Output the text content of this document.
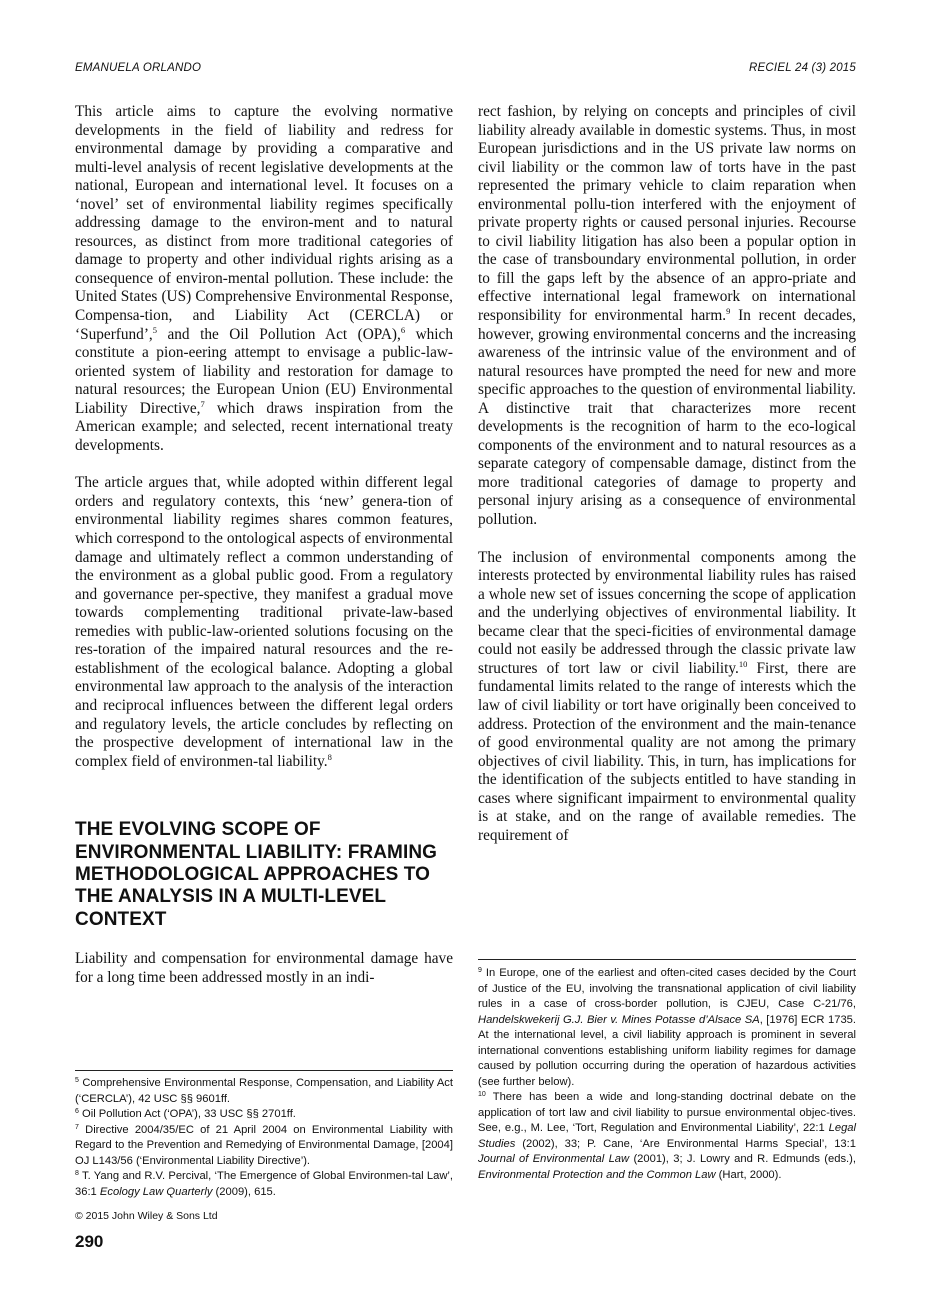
EMANUELA ORLANDO	RECIEL 24 (3) 2015

This article aims to capture the evolving normative developments in the field of liability and redress for environmental damage by providing a comparative and multi-level analysis of recent legislative developments at the national, European and international level. It focuses on a ‘novel’ set of environmental liability regimes specifically addressing damage to the environ-ment and to natural resources, as distinct from more traditional categories of damage to property and other individual rights arising as a consequence of environ-mental pollution. These include: the United States (US) Comprehensive Environmental Response, Compensa-tion, and Liability Act (CERCLA) or ‘Superfund’,$^5$ and the Oil Pollution Act (OPA),$^6$ which constitute a pion-eering attempt to envisage a public-law-oriented system of liability and restoration for damage to natural resources; the European Union (EU) Environmental Liability Directive,$^7$ which draws inspiration from the American example; and selected, recent international treaty developments.

The article argues that, while adopted within different legal orders and regulatory contexts, this ‘new’ genera-tion of environmental liability regimes shares common features, which correspond to the ontological aspects of environmental damage and ultimately reflect a common understanding of the environment as a global public good. From a regulatory and governance per-spective, they manifest a gradual move towards complementing traditional private-law-based remedies with public-law-oriented solutions focusing on the res-toration of the impaired natural resources and the re-establishment of the ecological balance. Adopting a global environmental law approach to the analysis of the interaction and reciprocal influences between the different legal orders and regulatory levels, the article concludes by reflecting on the prospective development of international law in the complex field of environmen-tal liability.$^8$

THE EVOLVING SCOPE OF ENVIRONMENTAL LIABILITY: FRAMING METHODOLOGICAL APPROACHES TO THE ANALYSIS IN A MULTI-LEVEL CONTEXT

Liability and compensation for environmental damage have for a long time been addressed mostly in an indi-

rect fashion, by relying on concepts and principles of civil liability already available in domestic systems. Thus, in most European jurisdictions and in the US private law norms on civil liability or the common law of torts have in the past represented the primary vehicle to claim reparation when environmental pollu-tion interfered with the enjoyment of private property rights or caused personal injuries. Recourse to civil liability litigation has also been a popular option in the case of transboundary environmental pollution, in order to fill the gaps left by the absence of an appro-priate and effective international legal framework on international responsibility for environmental harm.$^9$ In recent decades, however, growing environmental concerns and the increasing awareness of the intrinsic value of the environment and of natural resources have prompted the need for new and more specific approaches to the question of environmental liability. A distinctive trait that characterizes more recent developments is the recognition of harm to the eco-logical components of the environment and to natural resources as a separate category of compensable damage, distinct from the more traditional categories of damage to property and personal injury arising as a consequence of environmental pollution.

The inclusion of environmental components among the interests protected by environmental liability rules has raised a whole new set of issues concerning the scope of application and the underlying objectives of environmental liability. It became clear that the speci-ficities of environmental damage could not easily be addressed through the classic private law structures of tort law or civil liability.$^{10}$ First, there are fundamental limits related to the range of interests which the law of civil liability or tort have originally been conceived to address. Protection of the environment and the main-tenance of good environmental quality are not among the primary objectives of civil liability. This, in turn, has implications for the identification of the subjects entitled to have standing in cases where significant impairment to environmental quality is at stake, and on the range of available remedies. The requirement of

$^5$ Comprehensive Environmental Response, Compensation, and Liability Act (‘CERCLA’), 42 USC §§ 9601ff.

$^6$ Oil Pollution Act (‘OPA’), 33 USC §§ 2701ff.

$^7$ Directive 2004/35/EC of 21 April 2004 on Environmental Liability with Regard to the Prevention and Remedying of Environmental Damage, [2004] OJ L143/56 (‘Environmental Liability Directive’).

$^8$ T. Yang and R.V. Percival, ‘The Emergence of Global Environmen-tal Law’, 36:1 Ecology Law Quarterly (2009), 615.

$^9$ In Europe, one of the earliest and often-cited cases decided by the Court of Justice of the EU, involving the transnational application of civil liability rules in a case of cross-border pollution, is CJEU, Case C-21/76, Handelskwekerij G.J. Bier v. Mines Potasse d’Alsace SA, [1976] ECR 1735. At the international level, a civil liability approach is prominent in several international conventions establishing uniform liability regimes for damage caused by pollution occurring during the operation of hazardous activities (see further below).

$^{10}$ There has been a wide and long-standing doctrinal debate on the application of tort law and civil liability to pursue environmental objec-tives. See, e.g., M. Lee, ‘Tort, Regulation and Environmental Liability’, 22:1 Legal Studies (2002), 33; P. Cane, ‘Are Environmental Harms Special’, 13:1 Journal of Environmental Law (2001), 3; J. Lowry and R. Edmunds (eds.), Environmental Protection and the Common Law (Hart, 2000).

© 2015 John Wiley & Sons Ltd
290
